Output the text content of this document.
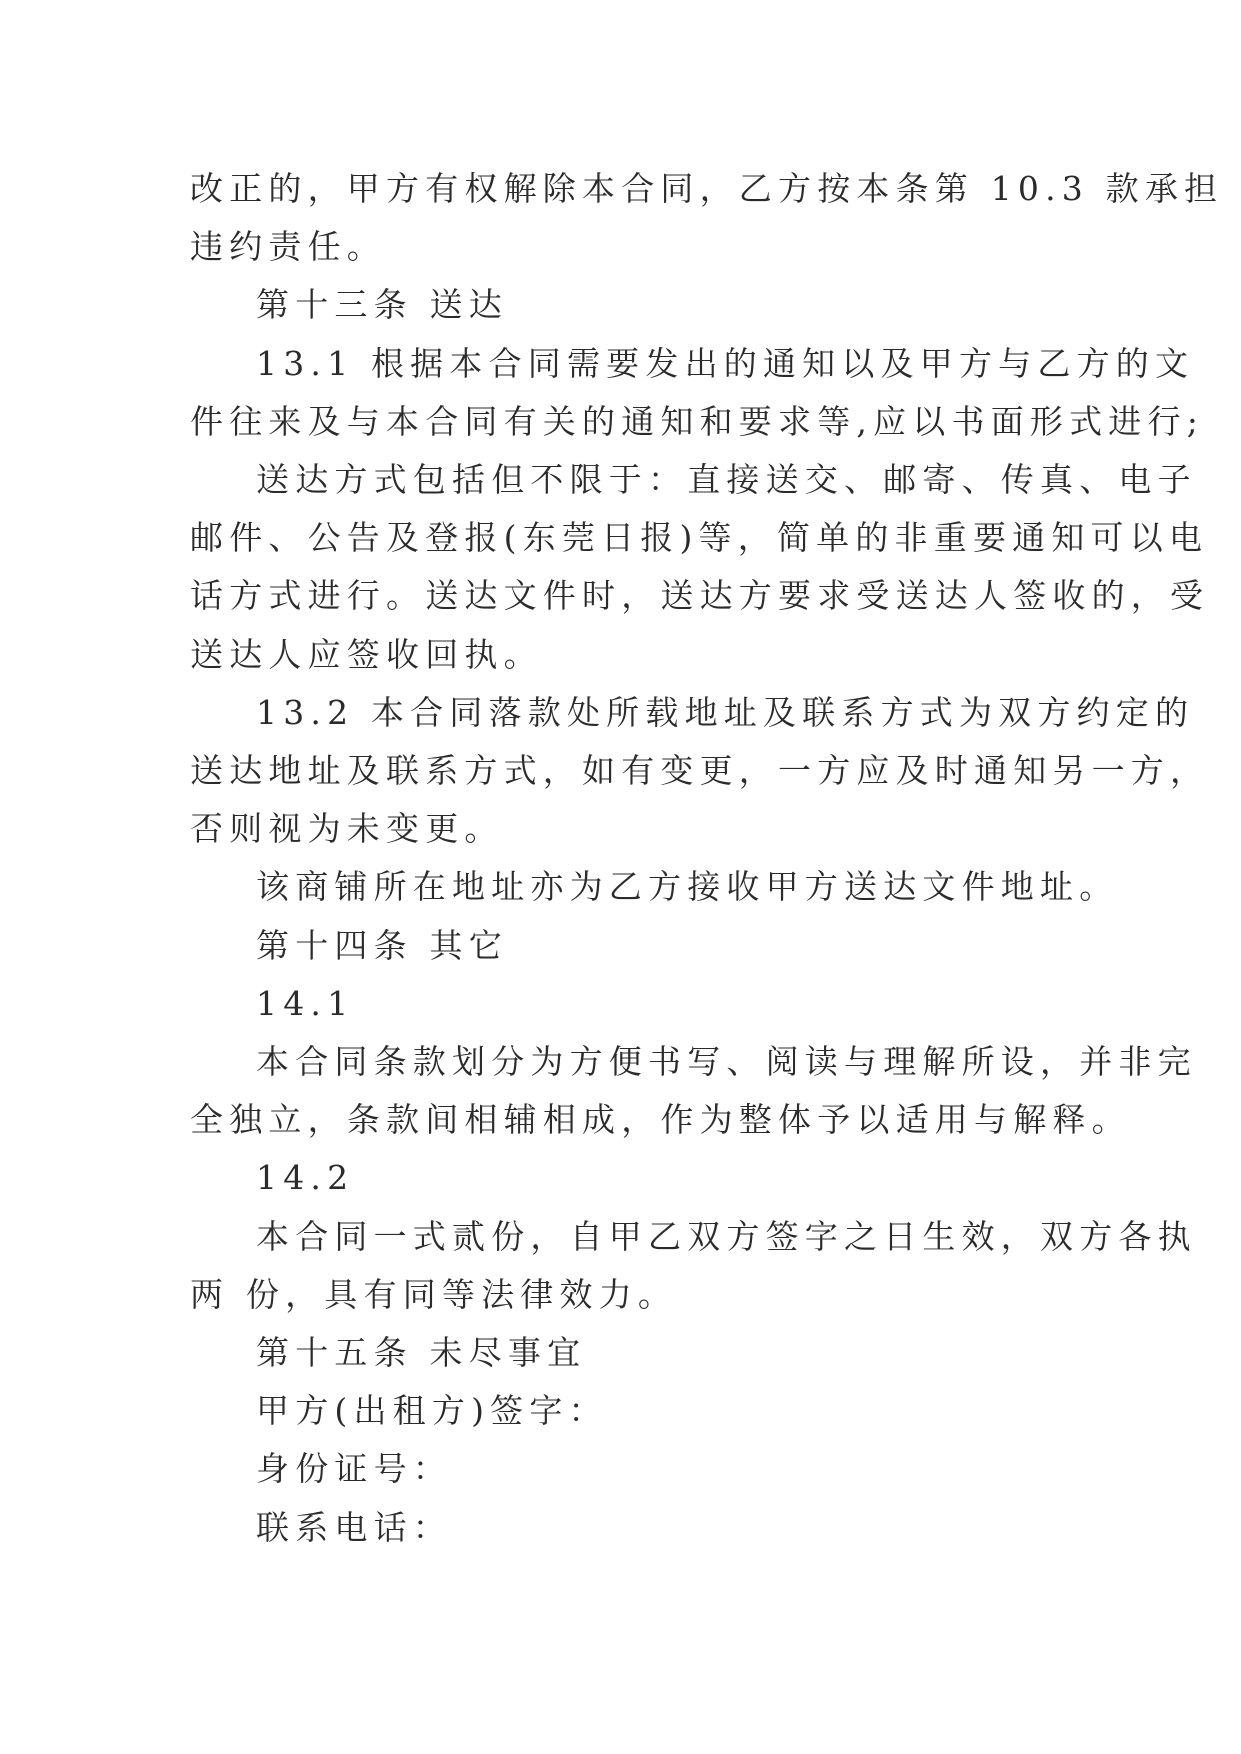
改正的，甲方有权解除本合同，乙方按本条第 10.3 款承担

违约责任。

第十三条 送达

13.1 根据本合同需要发出的通知以及甲方与乙方的文

件往来及与本合同有关的通知和要求等,应以书面形式进行;

送达方式包括但不限于：直接送交、邮寄、传真、电子

邮件、公告及登报(东莞日报)等，简单的非重要通知可以电

话方式进行。送达文件时，送达方要求受送达人签收的，受

送达人应签收回执。

13.2 本合同落款处所载地址及联系方式为双方约定的

送达地址及联系方式，如有变更，一方应及时通知另一方，

否则视为未变更。

该商铺所在地址亦为乙方接收甲方送达文件地址。

第十四条 其它

14.1

本合同条款划分为方便书写、阅读与理解所设，并非完

全独立，条款间相辅相成，作为整体予以适用与解释。

14.2

本合同一式贰份，自甲乙双方签字之日生效，双方各执

两 份，具有同等法律效力。

第十五条 未尽事宜

甲方(出租方)签字：

身份证号：

联系电话：
